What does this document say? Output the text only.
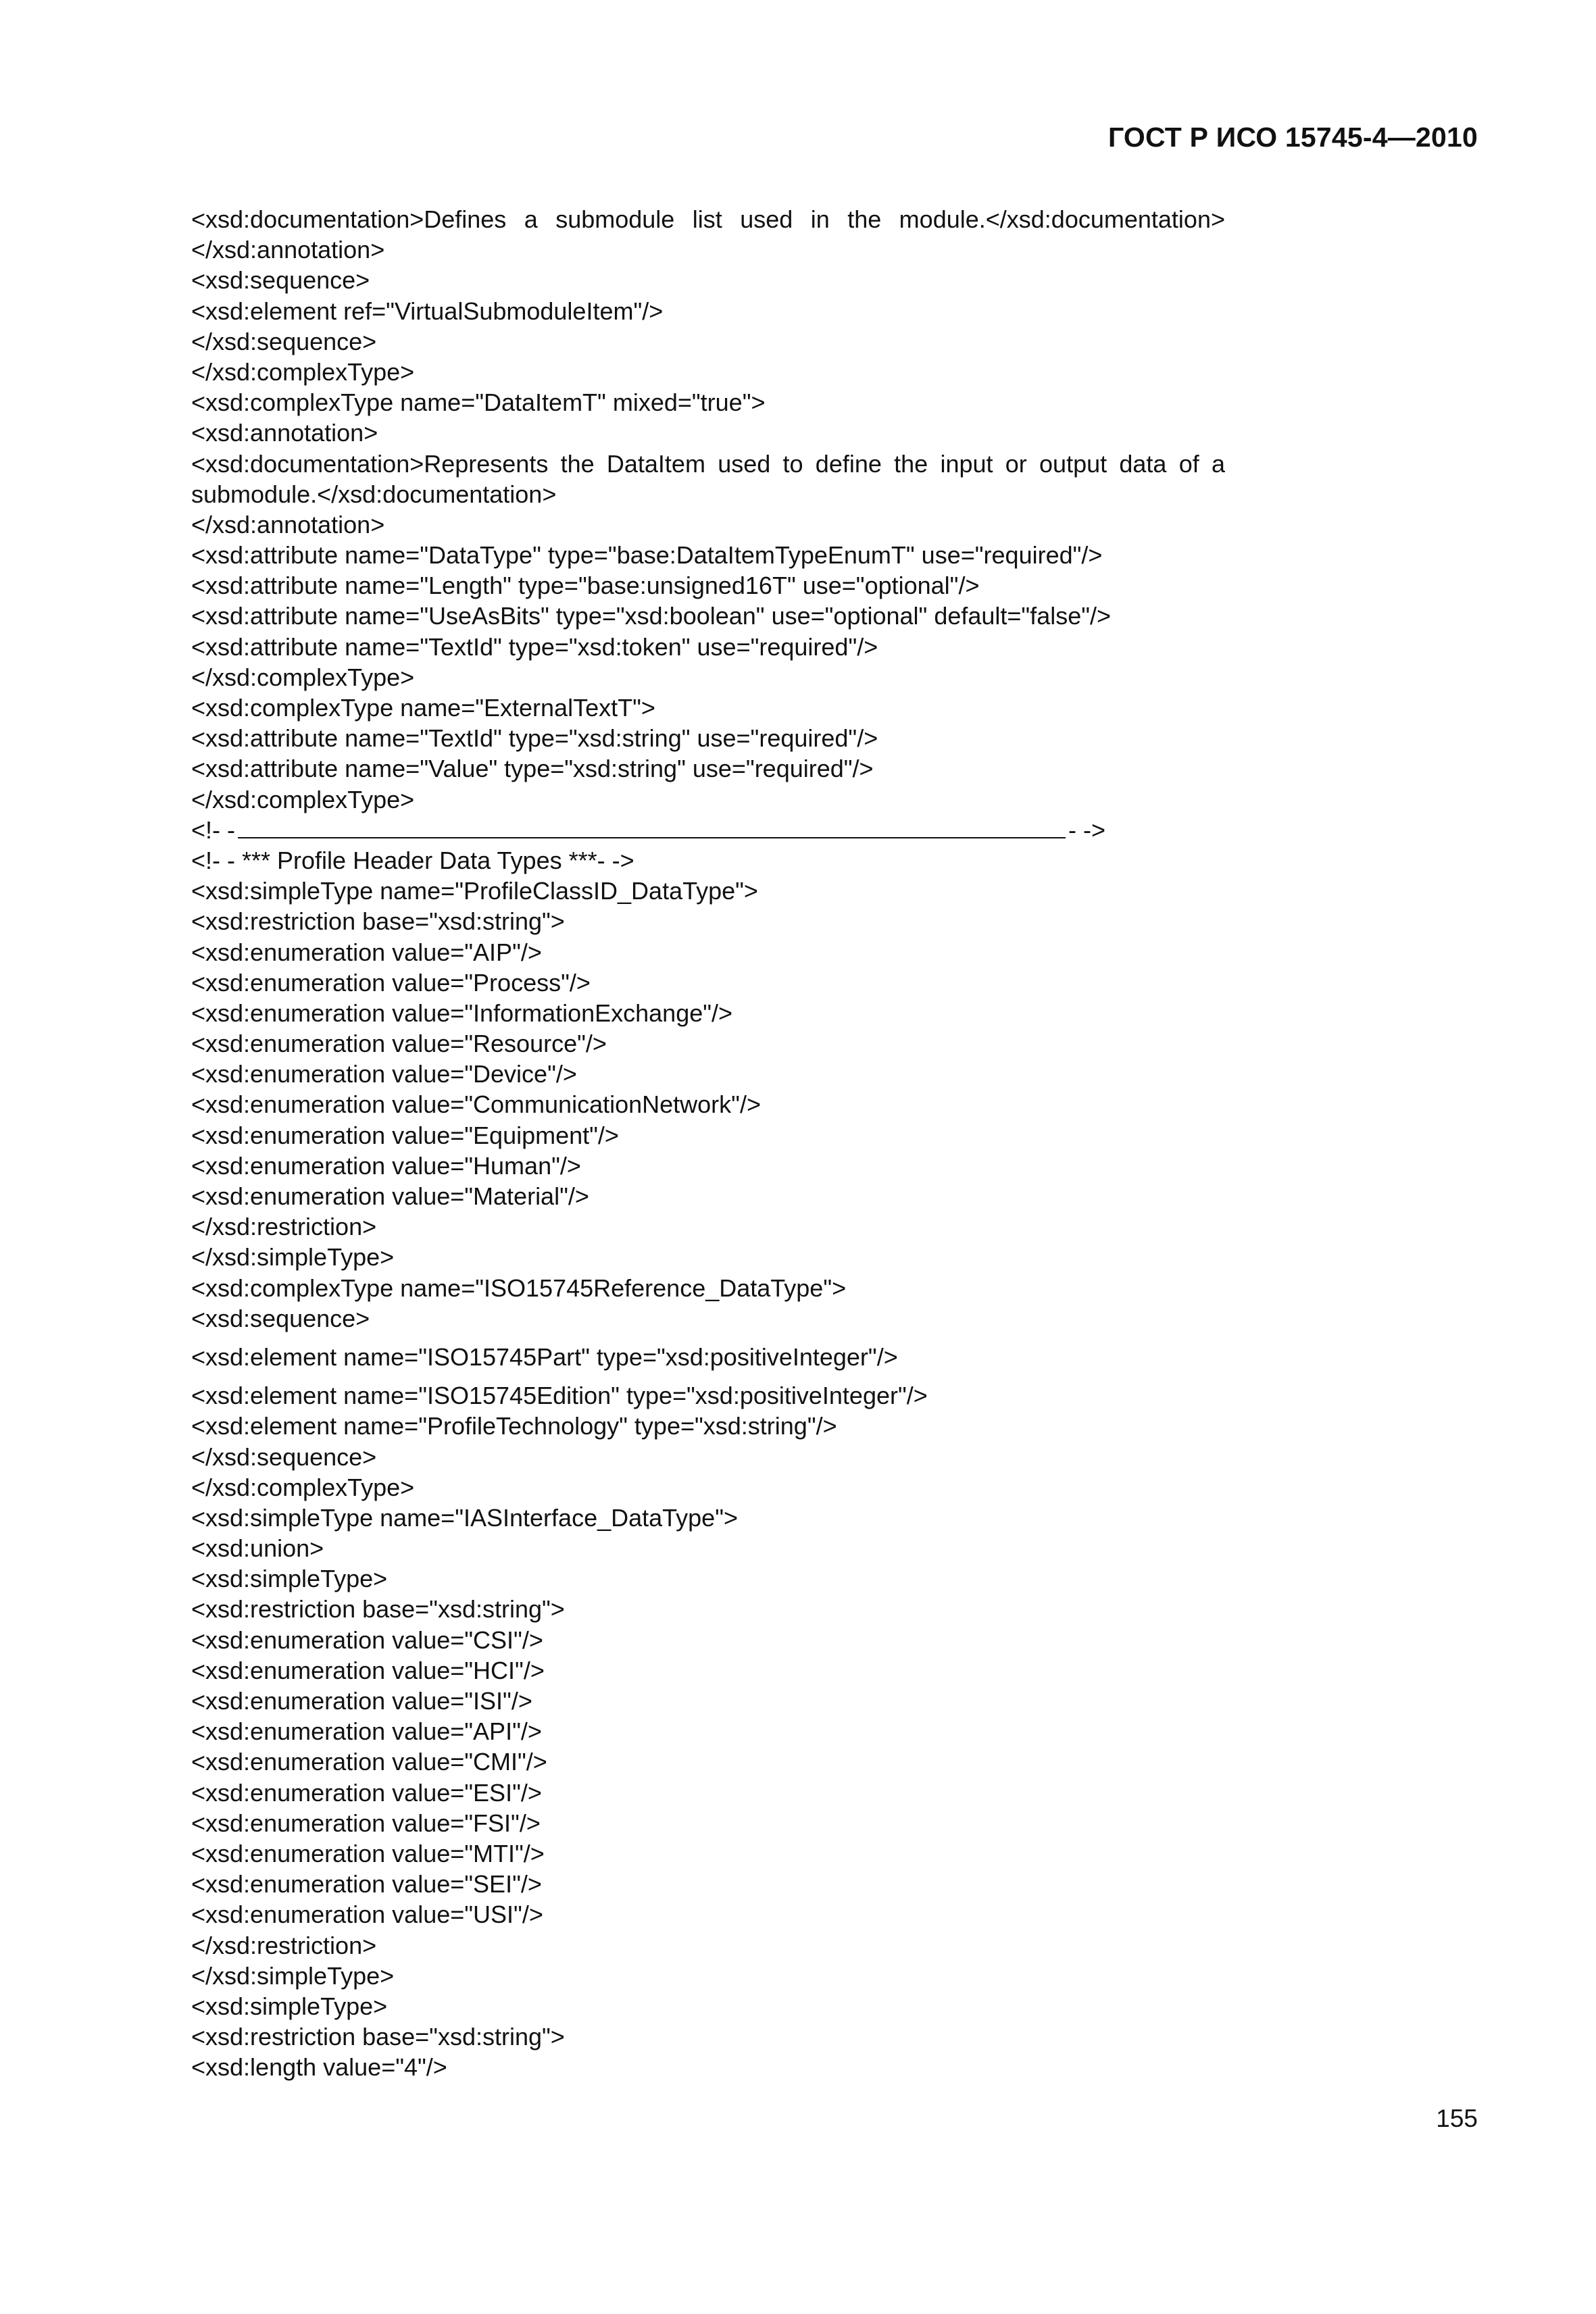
ГОСТ Р ИСО 15745-4—2010
<xsd:documentation>Defines a submodule list used in the module.</xsd:documentation>
</xsd:annotation>
<xsd:sequence>
<xsd:element ref="VirtualSubmoduleItem"/>
</xsd:sequence>
</xsd:complexType>
<xsd:complexType name="DataItemT" mixed="true">
<xsd:annotation>
<xsd:documentation>Represents the DataItem used to define the input or output data of a
submodule.</xsd:documentation>
</xsd:annotation>
<xsd:attribute name="DataType" type="base:DataItemTypeEnumT" use="required"/>
<xsd:attribute name="Length" type="base:unsigned16T" use="optional"/>
<xsd:attribute name="UseAsBits" type="xsd:boolean" use="optional" default="false"/>
<xsd:attribute name="TextId" type="xsd:token" use="required"/>
</xsd:complexType>
<xsd:complexType name="ExternalTextT">
<xsd:attribute name="TextId" type="xsd:string" use="required"/>
<xsd:attribute name="Value" type="xsd:string" use="required"/>
</xsd:complexType>
<!- -	- ->
<!- - *** Profile Header Data Types ***- ->
<xsd:simpleType name="ProfileClassID_DataType">
<xsd:restriction base="xsd:string">
<xsd:enumeration value="AIP"/>
<xsd:enumeration value="Process"/>
<xsd:enumeration value="InformationExchange"/>
<xsd:enumeration value="Resource"/>
<xsd:enumeration value="Device"/>
<xsd:enumeration value="CommunicationNetwork"/>
<xsd:enumeration value="Equipment"/>
<xsd:enumeration value="Human"/>
<xsd:enumeration value="Material"/>
</xsd:restriction>
</xsd:simpleType>
<xsd:complexType name="ISO15745Reference_DataType">
<xsd:sequence>
<xsd:element name="ISO15745Part" type="xsd:positiveInteger"/>
<xsd:element name="ISO15745Edition" type="xsd:positiveInteger"/>
<xsd:element name="ProfileTechnology" type="xsd:string"/>
</xsd:sequence>
</xsd:complexType>
<xsd:simpleType name="IASInterface_DataType">
<xsd:union>
<xsd:simpleType>
<xsd:restriction base="xsd:string">
<xsd:enumeration value="CSI"/>
<xsd:enumeration value="HCI"/>
<xsd:enumeration value="ISI"/>
<xsd:enumeration value="API"/>
<xsd:enumeration value="CMI"/>
<xsd:enumeration value="ESI"/>
<xsd:enumeration value="FSI"/>
<xsd:enumeration value="MTI"/>
<xsd:enumeration value="SEI"/>
<xsd:enumeration value="USI"/>
</xsd:restriction>
</xsd:simpleType>
<xsd:simpleType>
<xsd:restriction base="xsd:string">
<xsd:length value="4"/>
155
